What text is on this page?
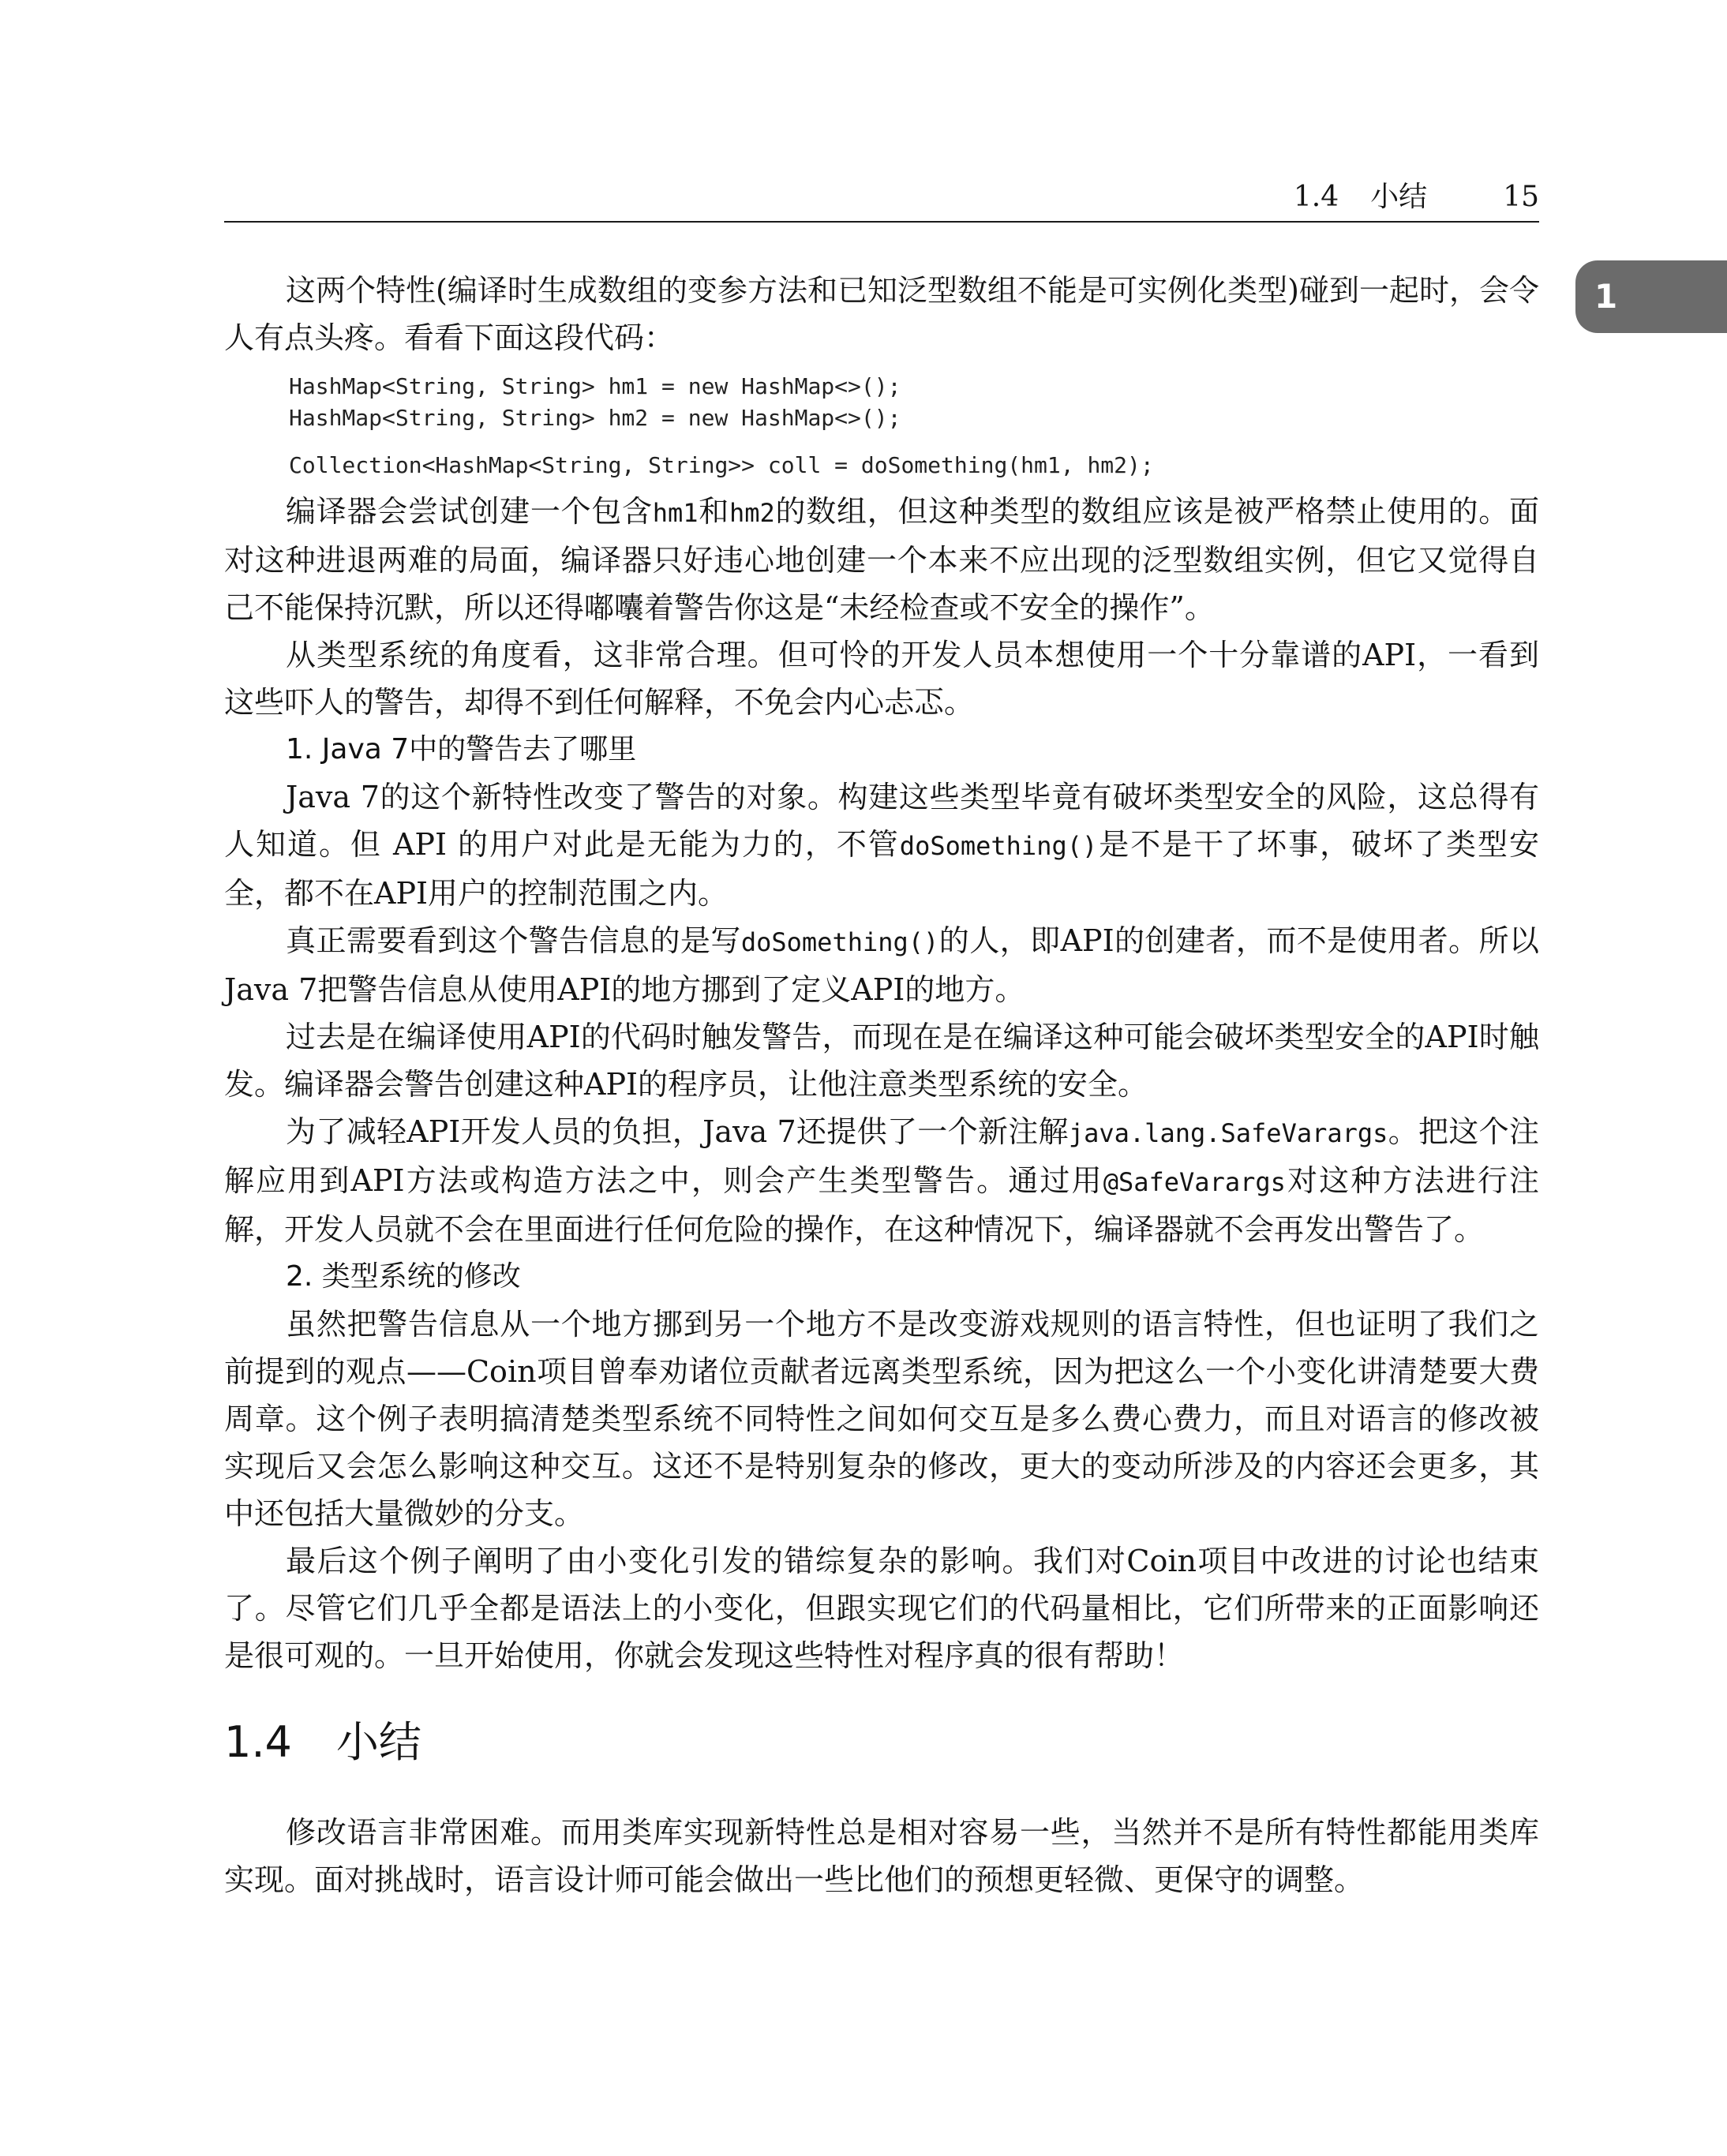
1.4 小结	15
1

这两个特性(编译时生成数组的变参方法和已知泛型数组不能是可实例化类型)碰到一起时，会令人有点头疼。看看下面这段代码：

HashMap<String, String> hm1 = new HashMap<>();
HashMap<String, String> hm2 = new HashMap<>();
Collection<HashMap<String, String>> coll = doSomething(hm1, hm2);

编译器会尝试创建一个包含hm1和hm2的数组，但这种类型的数组应该是被严格禁止使用的。面对这种进退两难的局面，编译器只好违心地创建一个本来不应出现的泛型数组实例，但它又觉得自己不能保持沉默，所以还得嘟囔着警告你这是“未经检查或不安全的操作”。

从类型系统的角度看，这非常合理。但可怜的开发人员本想使用一个十分靠谱的API，一看到这些吓人的警告，却得不到任何解释，不免会内心忐忑。

1. Java 7中的警告去了哪里

Java 7的这个新特性改变了警告的对象。构建这些类型毕竟有破坏类型安全的风险，这总得有人知道。但 API 的用户对此是无能为力的，不管doSomething()是不是干了坏事，破坏了类型安全，都不在API用户的控制范围之内。

真正需要看到这个警告信息的是写doSomething()的人，即API的创建者，而不是使用者。所以Java 7把警告信息从使用API的地方挪到了定义API的地方。

过去是在编译使用API的代码时触发警告，而现在是在编译这种可能会破坏类型安全的API时触发。编译器会警告创建这种API的程序员，让他注意类型系统的安全。

为了减轻API开发人员的负担，Java 7还提供了一个新注解java.lang.SafeVarargs。把这个注解应用到API方法或构造方法之中，则会产生类型警告。通过用@SafeVarargs对这种方法进行注解，开发人员就不会在里面进行任何危险的操作，在这种情况下，编译器就不会再发出警告了。

2. 类型系统的修改

虽然把警告信息从一个地方挪到另一个地方不是改变游戏规则的语言特性，但也证明了我们之前提到的观点——Coin项目曾奉劝诸位贡献者远离类型系统，因为把这么一个小变化讲清楚要大费周章。这个例子表明搞清楚类型系统不同特性之间如何交互是多么费心费力，而且对语言的修改被实现后又会怎么影响这种交互。这还不是特别复杂的修改，更大的变动所涉及的内容还会更多，其中还包括大量微妙的分支。

最后这个例子阐明了由小变化引发的错综复杂的影响。我们对Coin项目中改进的讨论也结束了。尽管它们几乎全都是语法上的小变化，但跟实现它们的代码量相比，它们所带来的正面影响还是很可观的。一旦开始使用，你就会发现这些特性对程序真的很有帮助！

1.4 小结

修改语言非常困难。而用类库实现新特性总是相对容易一些，当然并不是所有特性都能用类库实现。面对挑战时，语言设计师可能会做出一些比他们的预想更轻微、更保守的调整。
